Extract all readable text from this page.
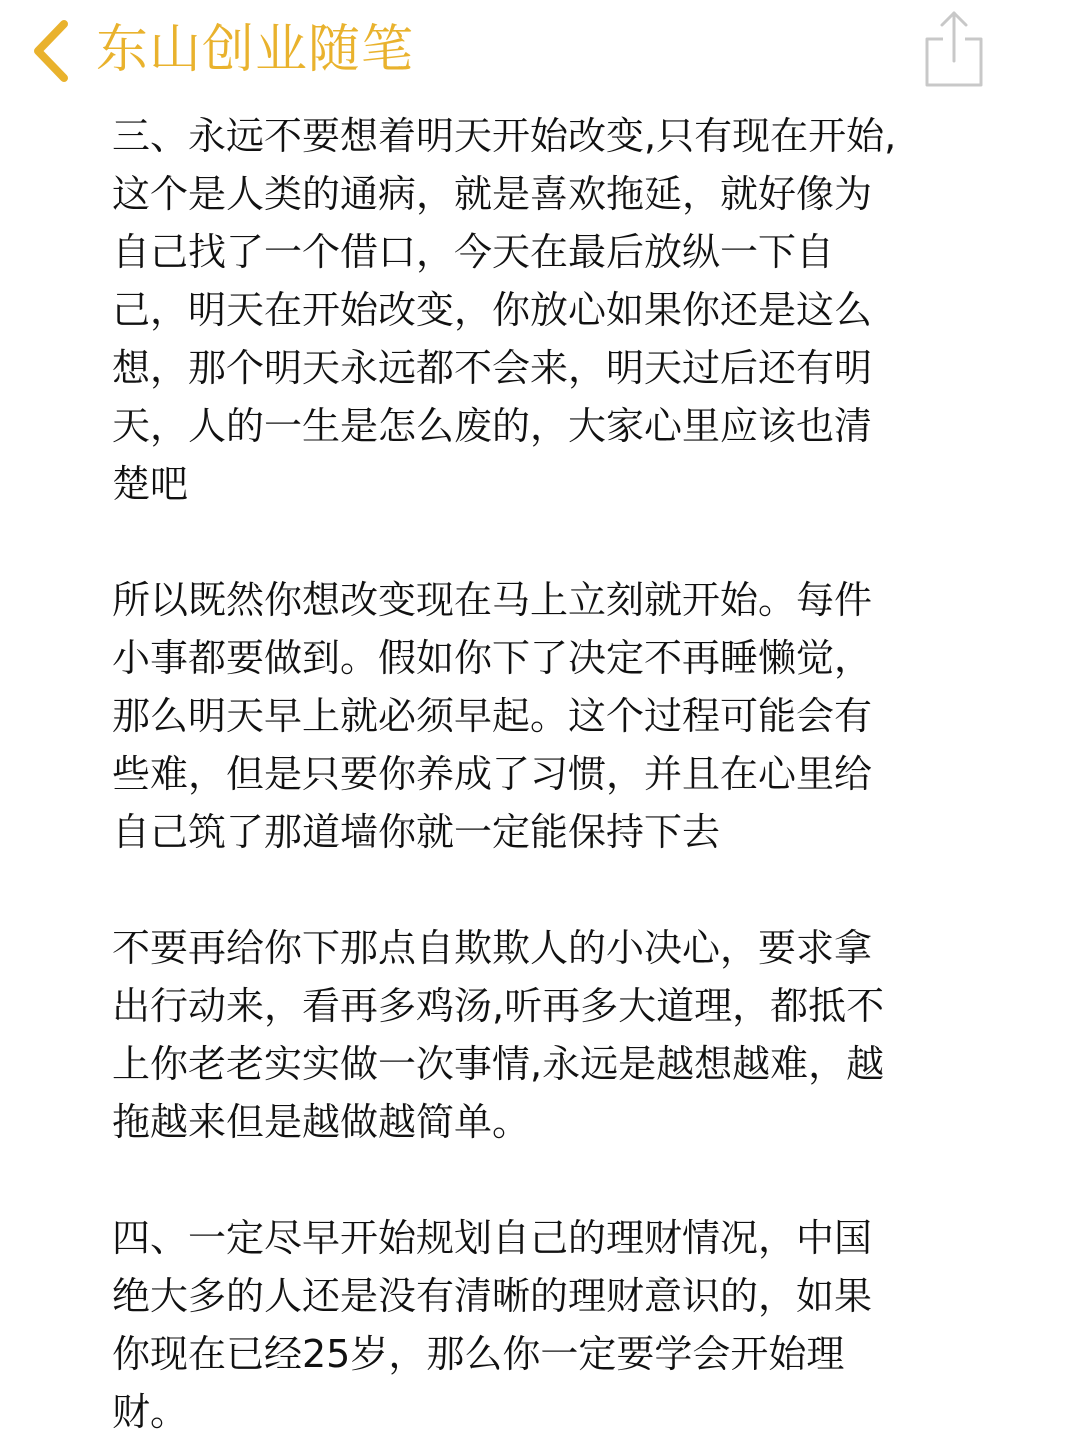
东山创业随笔

三、永远不要想着明天开始改变,只有现在开始,
这个是人类的通病，就是喜欢拖延，就好像为
自己找了一个借口，今天在最后放纵一下自
己，明天在开始改变，你放心如果你还是这么
想，那个明天永远都不会来，明天过后还有明
天，人的一生是怎么废的，大家心里应该也清
楚吧

所以既然你想改变现在马上立刻就开始。每件
小事都要做到。假如你下了决定不再睡懒觉，
那么明天早上就必须早起。这个过程可能会有
些难，但是只要你养成了习惯，并且在心里给
自己筑了那道墙你就一定能保持下去

不要再给你下那点自欺欺人的小决心，要求拿
出行动来，看再多鸡汤,听再多大道理，都抵不
上你老老实实做一次事情,永远是越想越难，越
拖越来但是越做越简单。

四、一定尽早开始规划自己的理财情况，中国
绝大多的人还是没有清晰的理财意识的，如果
你现在已经25岁，那么你一定要学会开始理
财。
